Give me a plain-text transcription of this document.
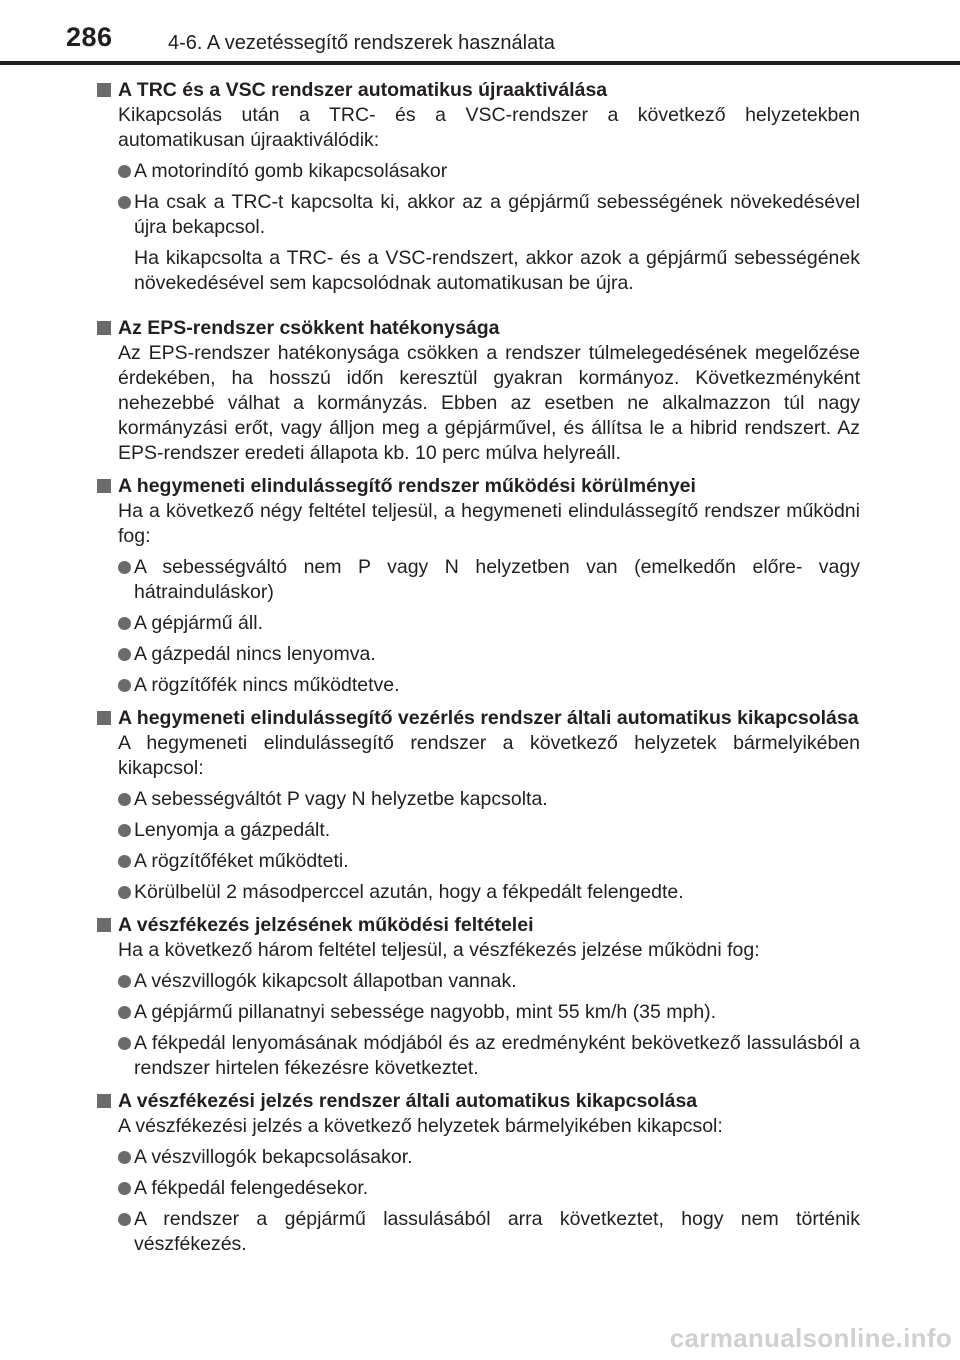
286	4-6. A vezetéssegítő rendszerek használata
A TRC és a VSC rendszer automatikus újraaktiválása

Kikapcsolás után a TRC- és a VSC-rendszer a következő helyzetekben automatikusan újraaktiválódik:

A motorindító gomb kikapcsolásakor
Ha csak a TRC-t kapcsolta ki, akkor az a gépjármű sebességének növekedésével újra bekapcsol.

Ha kikapcsolta a TRC- és a VSC-rendszert, akkor azok a gépjármű sebességének növekedésével sem kapcsolódnak automatikusan be újra.

Az EPS-rendszer csökkent hatékonysága

Az EPS-rendszer hatékonysága csökken a rendszer túlmelegedésének megelőzése érdekében, ha hosszú időn keresztül gyakran kormányoz. Következményként nehezebbé válhat a kormányzás. Ebben az esetben ne alkalmazzon túl nagy kormányzási erőt, vagy álljon meg a gépjárművel, és állítsa le a hibrid rendszert. Az EPS-rendszer eredeti állapota kb. 10 perc múlva helyreáll.

A hegymeneti elindulássegítő rendszer működési körülményei

Ha a következő négy feltétel teljesül, a hegymeneti elindulássegítő rendszer működni fog:

A sebességváltó nem P vagy N helyzetben van (emelkedőn előre- vagy hátrainduláskor)
A gépjármű áll.
A gázpedál nincs lenyomva.
A rögzítőfék nincs működtetve.
A hegymeneti elindulássegítő vezérlés rendszer általi automatikus kikapcsolása

A hegymeneti elindulássegítő rendszer a következő helyzetek bármelyikében kikapcsol:

A sebességváltót P vagy N helyzetbe kapcsolta.
Lenyomja a gázpedált.
A rögzítőféket működteti.
Körülbelül 2 másodperccel azután, hogy a fékpedált felengedte.
A vészfékezés jelzésének működési feltételei

Ha a következő három feltétel teljesül, a vészfékezés jelzése működni fog:

A vészvillogók kikapcsolt állapotban vannak.
A gépjármű pillanatnyi sebessége nagyobb, mint 55 km/h (35 mph).
A fékpedál lenyomásának módjából és az eredményként bekövetkező lassulásból a rendszer hirtelen fékezésre következtet.
A vészfékezési jelzés rendszer általi automatikus kikapcsolása

A vészfékezési jelzés a következő helyzetek bármelyikében kikapcsol:

A vészvillogók bekapcsolásakor.
A fékpedál felengedésekor.
A rendszer a gépjármű lassulásából arra következtet, hogy nem történik vészfékezés.
carmanualsonline.info
